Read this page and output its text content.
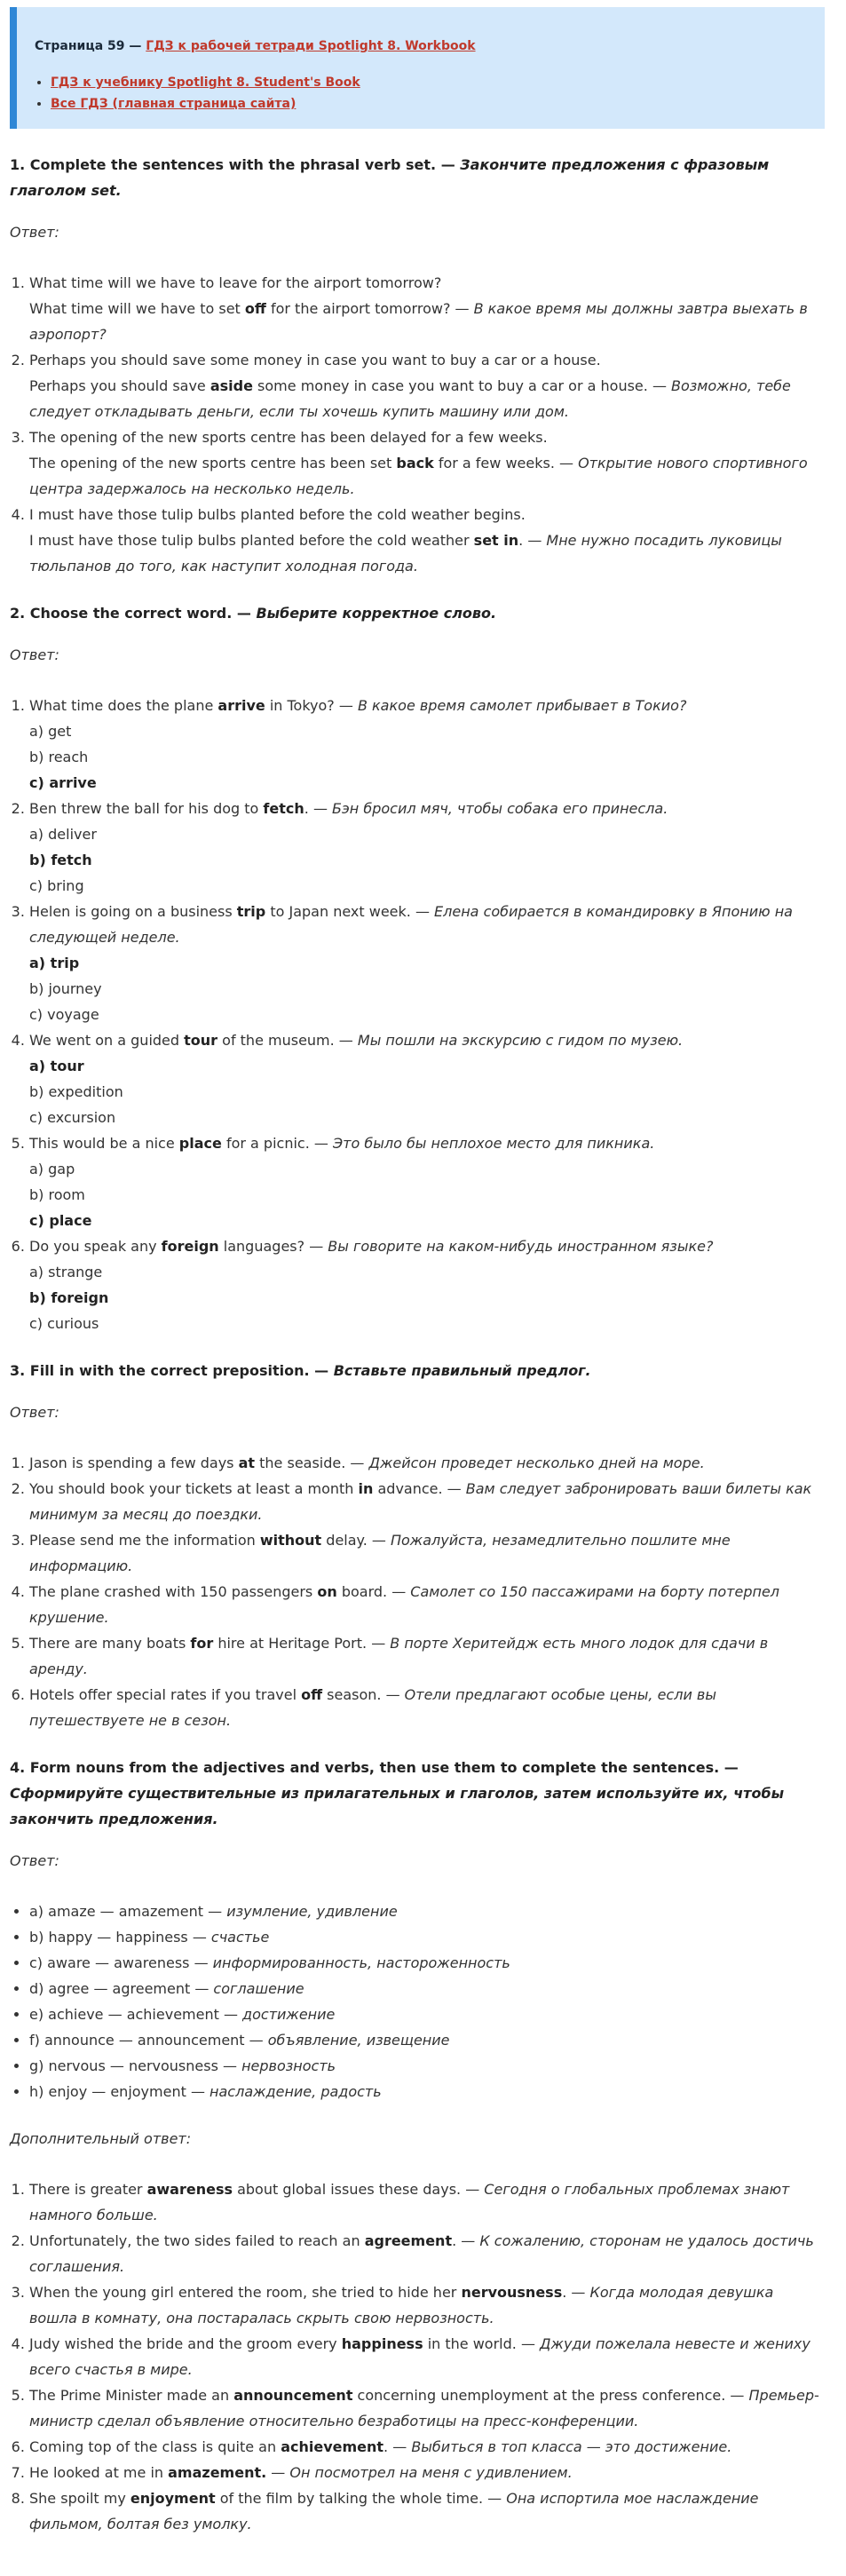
Страница 59 — ГДЗ к рабочей тетради Spotlight 8. Workbook
• ГДЗ к учебнику Spotlight 8. Student's Book
• Все ГДЗ (главная страница сайта)
1. Complete the sentences with the phrasal verb set. — Закончите предложения с фразовым глаголом set.

Ответ:

1. What time will we have to leave for the airport tomorrow?
What time will we have to set off for the airport tomorrow? — В какое время мы должны завтра выехать в аэропорт?
2. Perhaps you should save some money in case you want to buy a car or a house.
Perhaps you should save aside some money in case you want to buy a car or a house. — Возможно, тебе следует откладывать деньги, если ты хочешь купить машину или дом.
3. The opening of the new sports centre has been delayed for a few weeks.
The opening of the new sports centre has been set back for a few weeks. — Открытие нового спортивного центра задержалось на несколько недель.
4. I must have those tulip bulbs planted before the cold weather begins.
I must have those tulip bulbs planted before the cold weather set in. — Мне нужно посадить луковицы тюльпанов до того, как наступит холодная погода.
2. Choose the correct word. — Выберите корректное слово.

Ответ:

1. What time does the plane arrive in Tokyo? — В какое время самолет прибывает в Токио?
a) get
b) reach
c) arrive
2. Ben threw the ball for his dog to fetch. — Бэн бросил мяч, чтобы собака его принесла.
a) deliver
b) fetch
c) bring
3. Helen is going on a business trip to Japan next week. — Елена собирается в командировку в Японию на следующей неделе.
a) trip
b) journey
c) voyage
4. We went on a guided tour of the museum. — Мы пошли на экскурсию с гидом по музею.
a) tour
b) expedition
c) excursion
5. This would be a nice place for a picnic. — Это было бы неплохое место для пикника.
a) gap
b) room
c) place
6. Do you speak any foreign languages? — Вы говорите на каком-нибудь иностранном языке?
a) strange
b) foreign
c) curious
3. Fill in with the correct preposition. — Вставьте правильный предлог.

Ответ:

1. Jason is spending a few days at the seaside. — Джейсон проведет несколько дней на море.
2. You should book your tickets at least a month in advance. — Вам следует забронировать ваши билеты как минимум за месяц до поездки.
3. Please send me the information without delay. — Пожалуйста, незамедлительно пошлите мне информацию.
4. The plane crashed with 150 passengers on board. — Самолет со 150 пассажирами на борту потерпел крушение.
5. There are many boats for hire at Heritage Port. — В порте Херитейдж есть много лодок для сдачи в аренду.
6. Hotels offer special rates if you travel off season. — Отели предлагают особые цены, если вы путешествуете не в сезон.
4. Form nouns from the adjectives and verbs, then use them to complete the sentences. — Сформируйте существительные из прилагательных и глаголов, затем используйте их, чтобы закончить предложения.

Ответ:

• a) amaze — amazement — изумление, удивление
• b) happy — happiness — счастье
• c) aware — awareness — информированность, настороженность
• d) agree — agreement — соглашение
• e) achieve — achievement — достижение
• f) announce — announcement — объявление, извещение
• g) nervous — nervousness — нервозность
• h) enjoy — enjoyment — наслаждение, радость

Дополнительный ответ:

1. There is greater awareness about global issues these days. — Сегодня о глобальных проблемах знают намного больше.
2. Unfortunately, the two sides failed to reach an agreement. — К сожалению, сторонам не удалось достичь соглашения.
3. When the young girl entered the room, she tried to hide her nervousness. — Когда молодая девушка вошла в комнату, она постаралась скрыть свою нервозность.
4. Judy wished the bride and the groom every happiness in the world. — Джуди пожелала невесте и жениху всего счастья в мире.
5. The Prime Minister made an announcement concerning unemployment at the press conference. — Премьер-министр сделал объявление относительно безработицы на пресс-конференции.
6. Coming top of the class is quite an achievement. — Выбиться в топ класса — это достижение.
7. He looked at me in amazement. — Он посмотрел на меня с удивлением.
8. She spoilt my enjoyment of the film by talking the whole time. — Она испортила мое наслаждение фильмом, болтая без умолку.
